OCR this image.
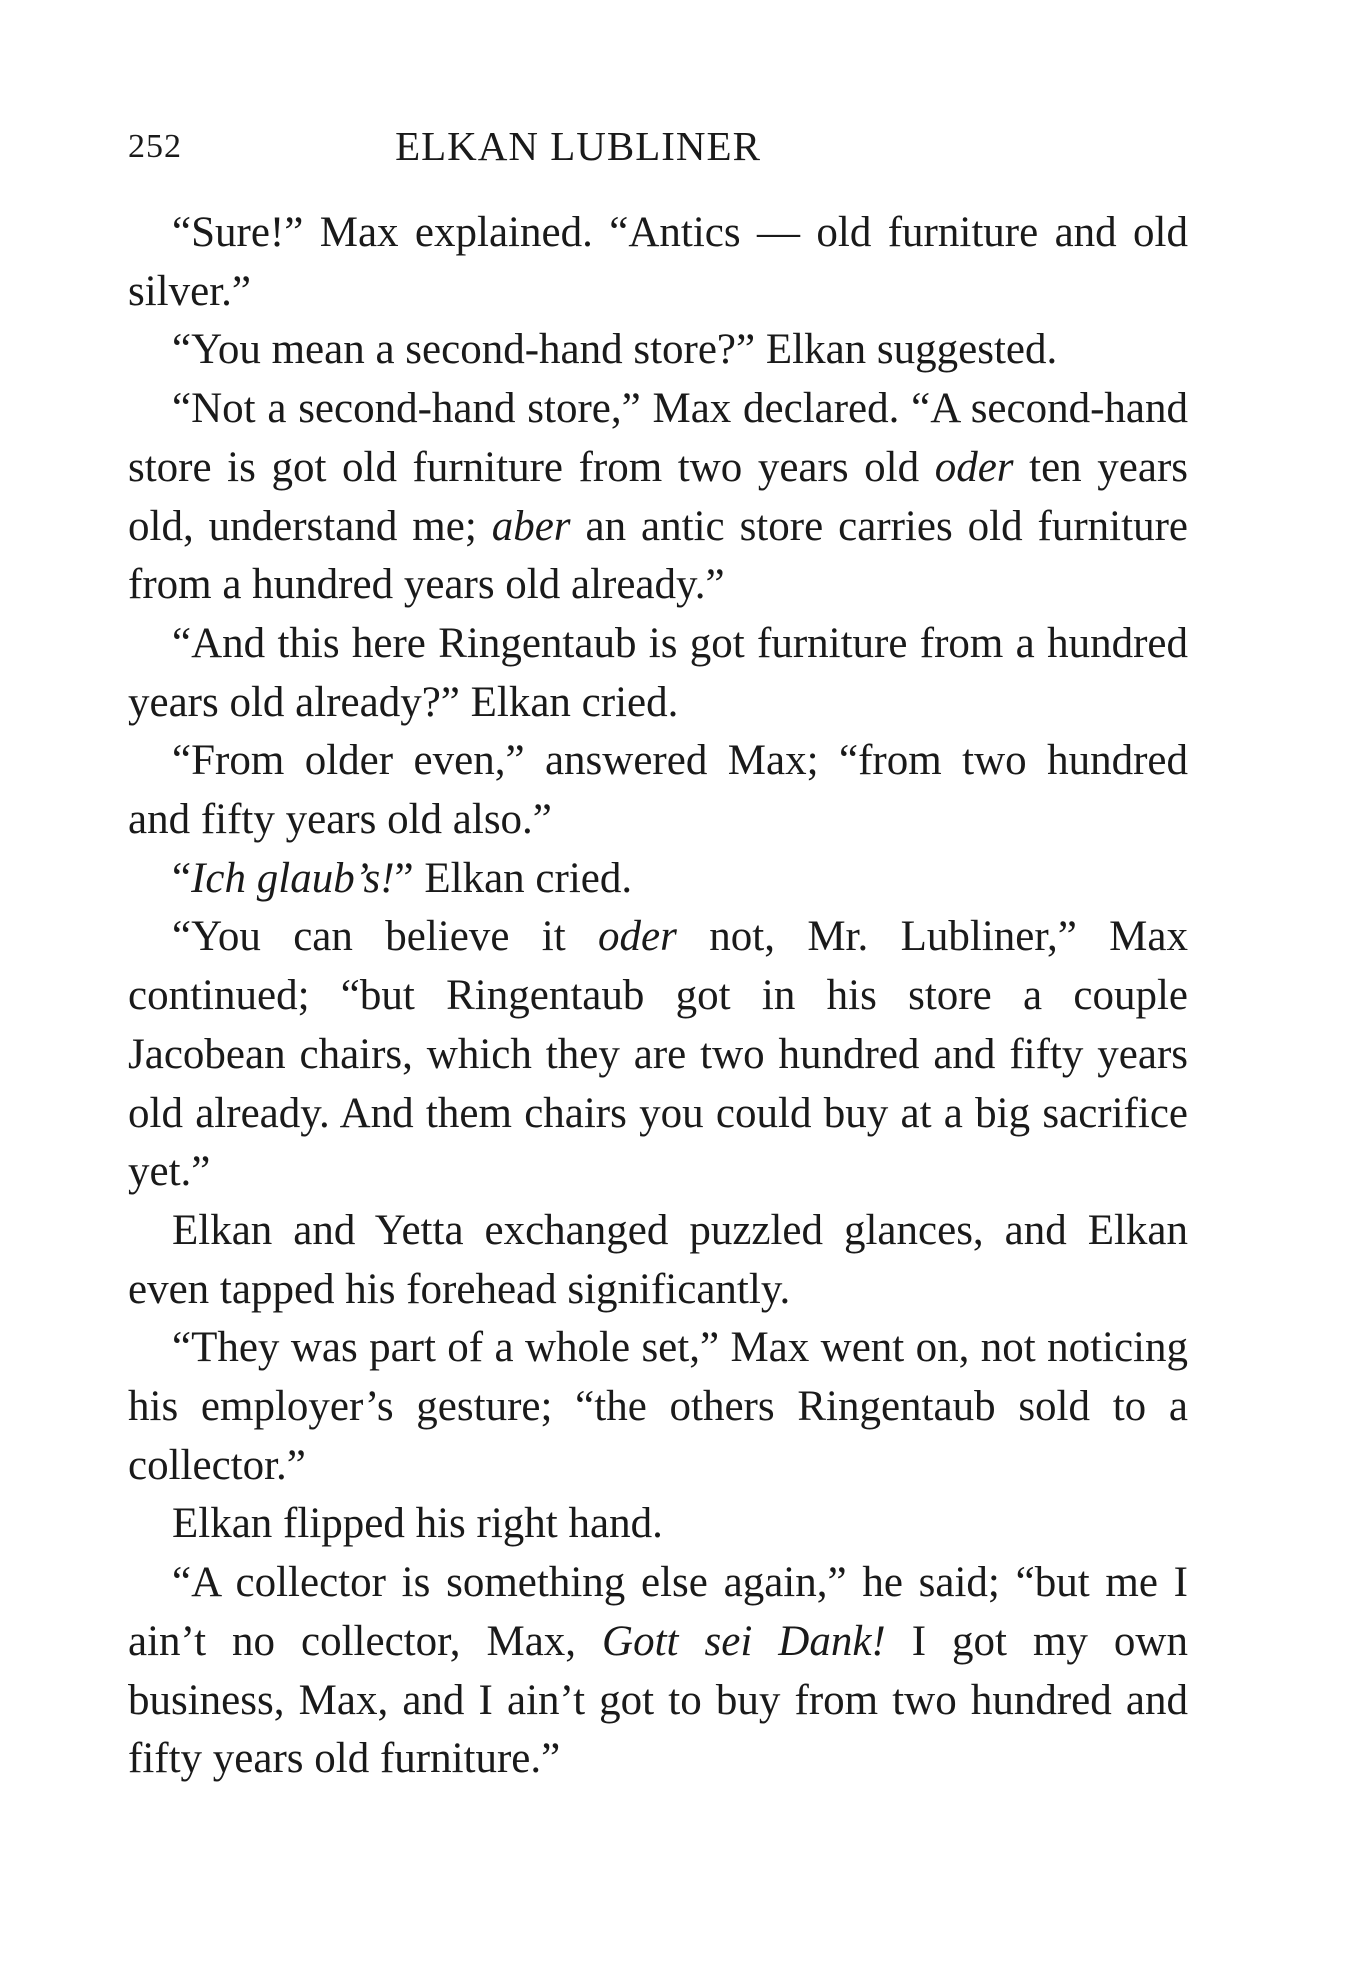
252	ELKAN LUBLINER

“Sure!” Max explained. “Antics — old furniture and old silver.”

“You mean a second-hand store?” Elkan suggested.

“Not a second-hand store,” Max declared. “A second-hand store is got old furniture from two years old oder ten years old, understand me; aber an antic store carries old furniture from a hundred years old already.”

“And this here Ringentaub is got furniture from a hundred years old already?” Elkan cried.

“From older even,” answered Max; “from two hundred and fifty years old also.”

“Ich glaub’s!” Elkan cried.

“You can believe it oder not, Mr. Lubliner,” Max continued; “but Ringentaub got in his store a couple Jacobean chairs, which they are two hundred and fifty years old already. And them chairs you could buy at a big sacrifice yet.”

Elkan and Yetta exchanged puzzled glances, and Elkan even tapped his forehead significantly.

“They was part of a whole set,” Max went on, not noticing his employer’s gesture; “the others Ringentaub sold to a collector.”

Elkan flipped his right hand.

“A collector is something else again,” he said; “but me I ain’t no collector, Max, Gott sei Dank! I got my own business, Max, and I ain’t got to buy from two hundred and fifty years old furniture.”
